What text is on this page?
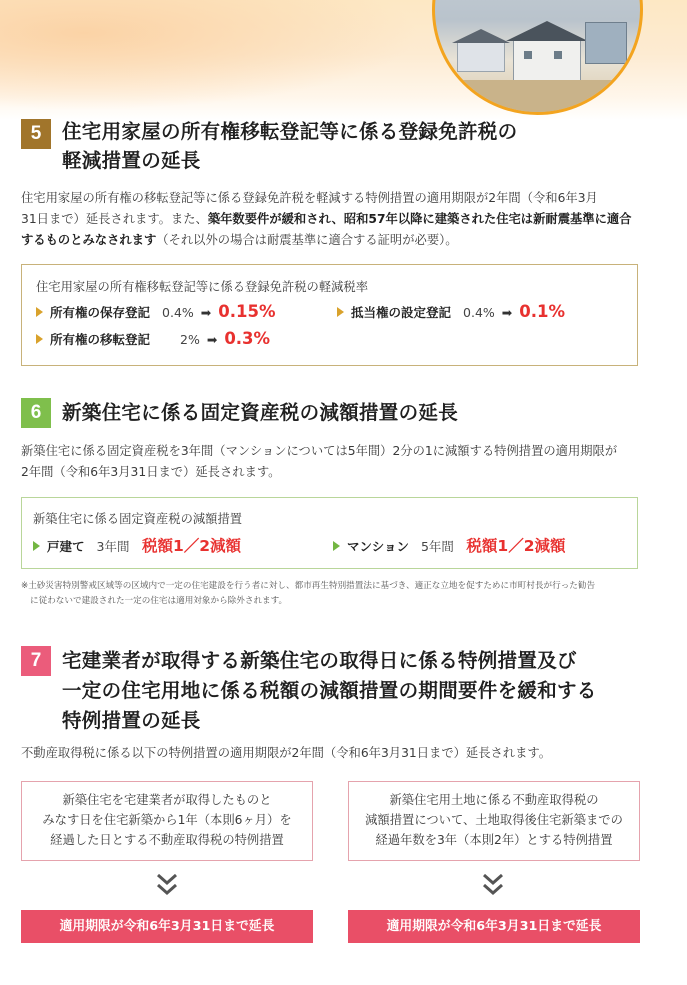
5	住宅用家屋の所有権移転登記等に係る登録免許税の
軽減措置の延長

住宅用家屋の所有権の移転登記等に係る登録免許税を軽減する特例措置の適用期限が2年間（令和6年3月
31日まで）延長されます。また、築年数要件が緩和され、昭和57年以降に建築された住宅は新耐震基準に適合
するものとみなされます（それ以外の場合は耐震基準に適合する証明が必要）。

住宅用家屋の所有権移転登記等に係る登録免許税の軽減税率
所有権の保存登記 0.4% ➡ 0.15%	抵当権の設定登記 0.4% ➡ 0.1%
所有権の移転登記 2% ➡ 0.3%
6	新築住宅に係る固定資産税の減額措置の延長

新築住宅に係る固定資産税を3年間（マンションについては5年間）2分の1に減額する特例措置の適用期限が
2年間（令和6年3月31日まで）延長されます。

新築住宅に係る固定資産税の減額措置
戸建て 3年間　 税額1／2減額	マンション 5年間　 税額1／2減額

※土砂災害特別警戒区域等の区域内で一定の住宅建設を行う者に対し、都市再生特別措置法に基づき、適正な立地を促すために市町村長が行った勧告
に従わないで建設された一定の住宅は適用対象から除外されます。

7	宅建業者が取得する新築住宅の取得日に係る特例措置及び
一定の住宅用地に係る税額の減額措置の期間要件を緩和する
特例措置の延長

不動産取得税に係る以下の特例措置の適用期限が2年間（令和6年3月31日まで）延長されます。

新築住宅を宅建業者が取得したものと
みなす日を住宅新築から1年（本則6ヶ月）を
経過した日とする不動産取得税の特例措置
新築住宅用土地に係る不動産取得税の
減額措置について、土地取得後住宅新築までの
経過年数を3年（本則2年）とする特例措置
適用期限が令和6年3月31日まで延長	適用期限が令和6年3月31日まで延長
